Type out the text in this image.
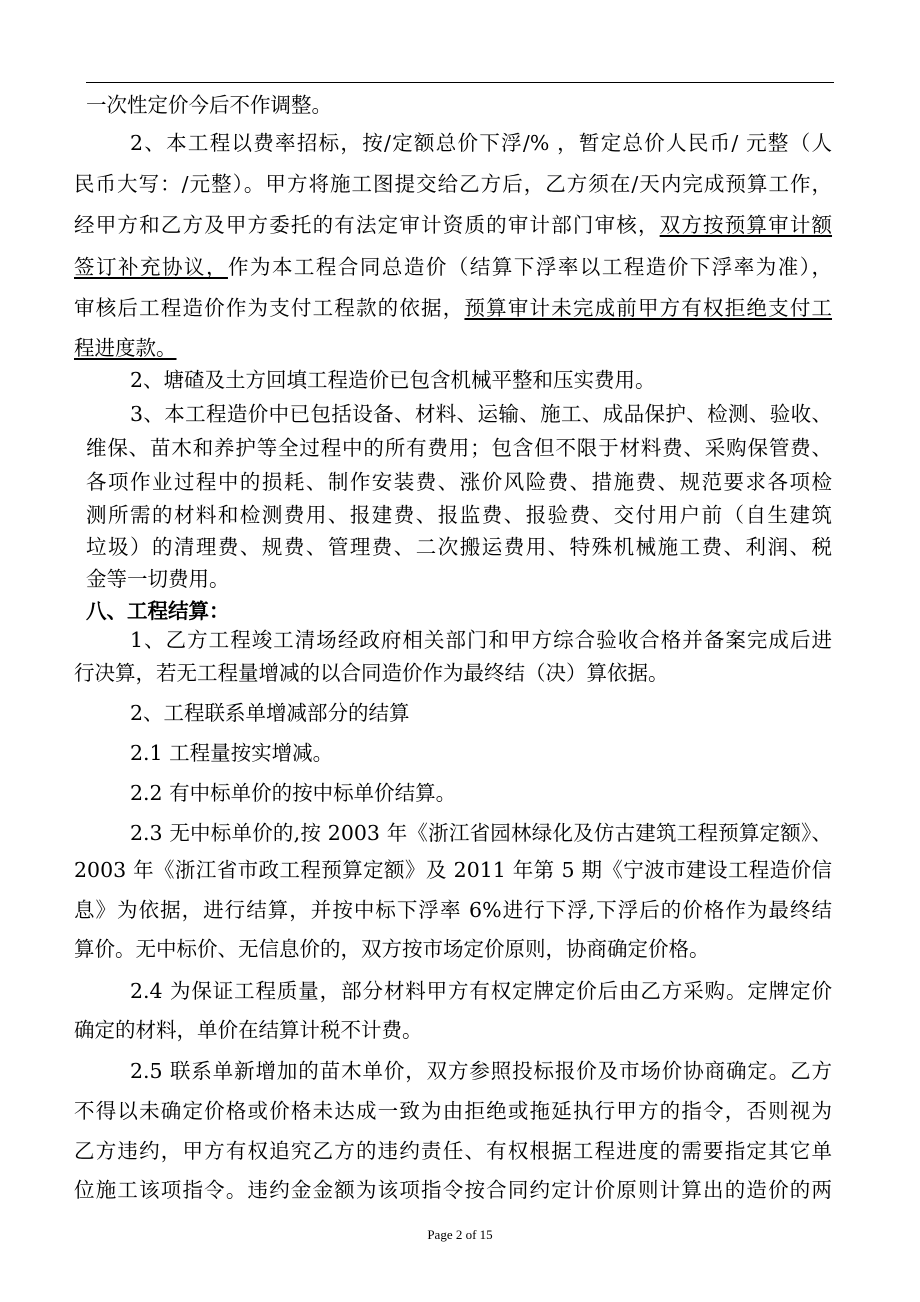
一次性定价今后不作调整。

2、本工程以费率招标，按/定额总价下浮/% ，暂定总价人民币/ 元整（人

民币大写：/元整）。甲方将施工图提交给乙方后，乙方须在/天内完成预算工作，

经甲方和乙方及甲方委托的有法定审计资质的审计部门审核，双方按预算审计额

签订补充协议，作为本工程合同总造价（结算下浮率以工程造价下浮率为准），

审核后工程造价作为支付工程款的依据，预算审计未完成前甲方有权拒绝支付工

程进度款。

2、塘碴及土方回填工程造价已包含机械平整和压实费用。

3、本工程造价中已包括设备、材料、运输、施工、成品保护、检测、验收、

维保、苗木和养护等全过程中的所有费用；包含但不限于材料费、采购保管费、

各项作业过程中的损耗、制作安装费、涨价风险费、措施费、规范要求各项检

测所需的材料和检测费用、报建费、报监费、报验费、交付用户前（自生建筑

垃圾）的清理费、规费、管理费、二次搬运费用、特殊机械施工费、利润、税

金等一切费用。

八、工程结算：

1、乙方工程竣工清场经政府相关部门和甲方综合验收合格并备案完成后进

行决算，若无工程量增减的以合同造价作为最终结（决）算依据。

2、工程联系单增减部分的结算

2.1 工程量按实增减。

2.2 有中标单价的按中标单价结算。

2.3 无中标单价的,按 2003 年《浙江省园林绿化及仿古建筑工程预算定额》、

2003 年《浙江省市政工程预算定额》及 2011 年第 5 期《宁波市建设工程造价信

息》为依据，进行结算，并按中标下浮率 6%进行下浮,下浮后的价格作为最终结

算价。无中标价、无信息价的，双方按市场定价原则，协商确定价格。

2.4 为保证工程质量，部分材料甲方有权定牌定价后由乙方采购。定牌定价

确定的材料，单价在结算计税不计费。

2.5 联系单新增加的苗木单价，双方参照投标报价及市场价协商确定。乙方

不得以未确定价格或价格未达成一致为由拒绝或拖延执行甲方的指令，否则视为

乙方违约，甲方有权追究乙方的违约责任、有权根据工程进度的需要指定其它单

位施工该项指令。违约金金额为该项指令按合同约定计价原则计算出的造价的两

Page 2 of 15
